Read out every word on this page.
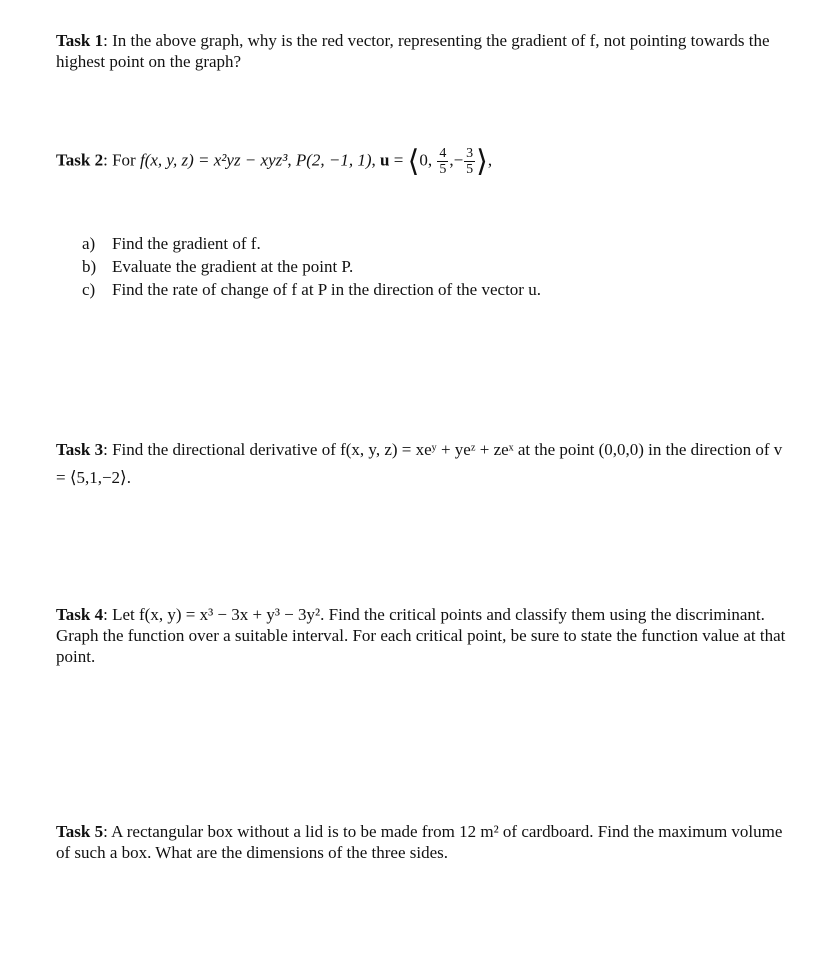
Task 1: In the above graph, why is the red vector, representing the gradient of f, not pointing towards the highest point on the graph?

Task 2: For f(x, y, z) = x²yz − xyz³, P(2, −1, 1), u = ⟨0, $\frac{4}{5}$ ,− $\frac{3}{5}$ ⟩,

a) Find the gradient of f.
b) Evaluate the gradient at the point P.
c) Find the rate of change of f at P in the direction of the vector u.

Task 3: Find the directional derivative of f(x, y, z) = xeʸ + yeᶻ + zeˣ at the point (0,0,0) in the direction of v = ⟨5,1,−2⟩.

Task 4: Let f(x, y) = x³ − 3x + y³ − 3y². Find the critical points and classify them using the discriminant. Graph the function over a suitable interval. For each critical point, be sure to state the function value at that point.

Task 5: A rectangular box without a lid is to be made from 12 m² of cardboard. Find the maximum volume of such a box. What are the dimensions of the three sides.
